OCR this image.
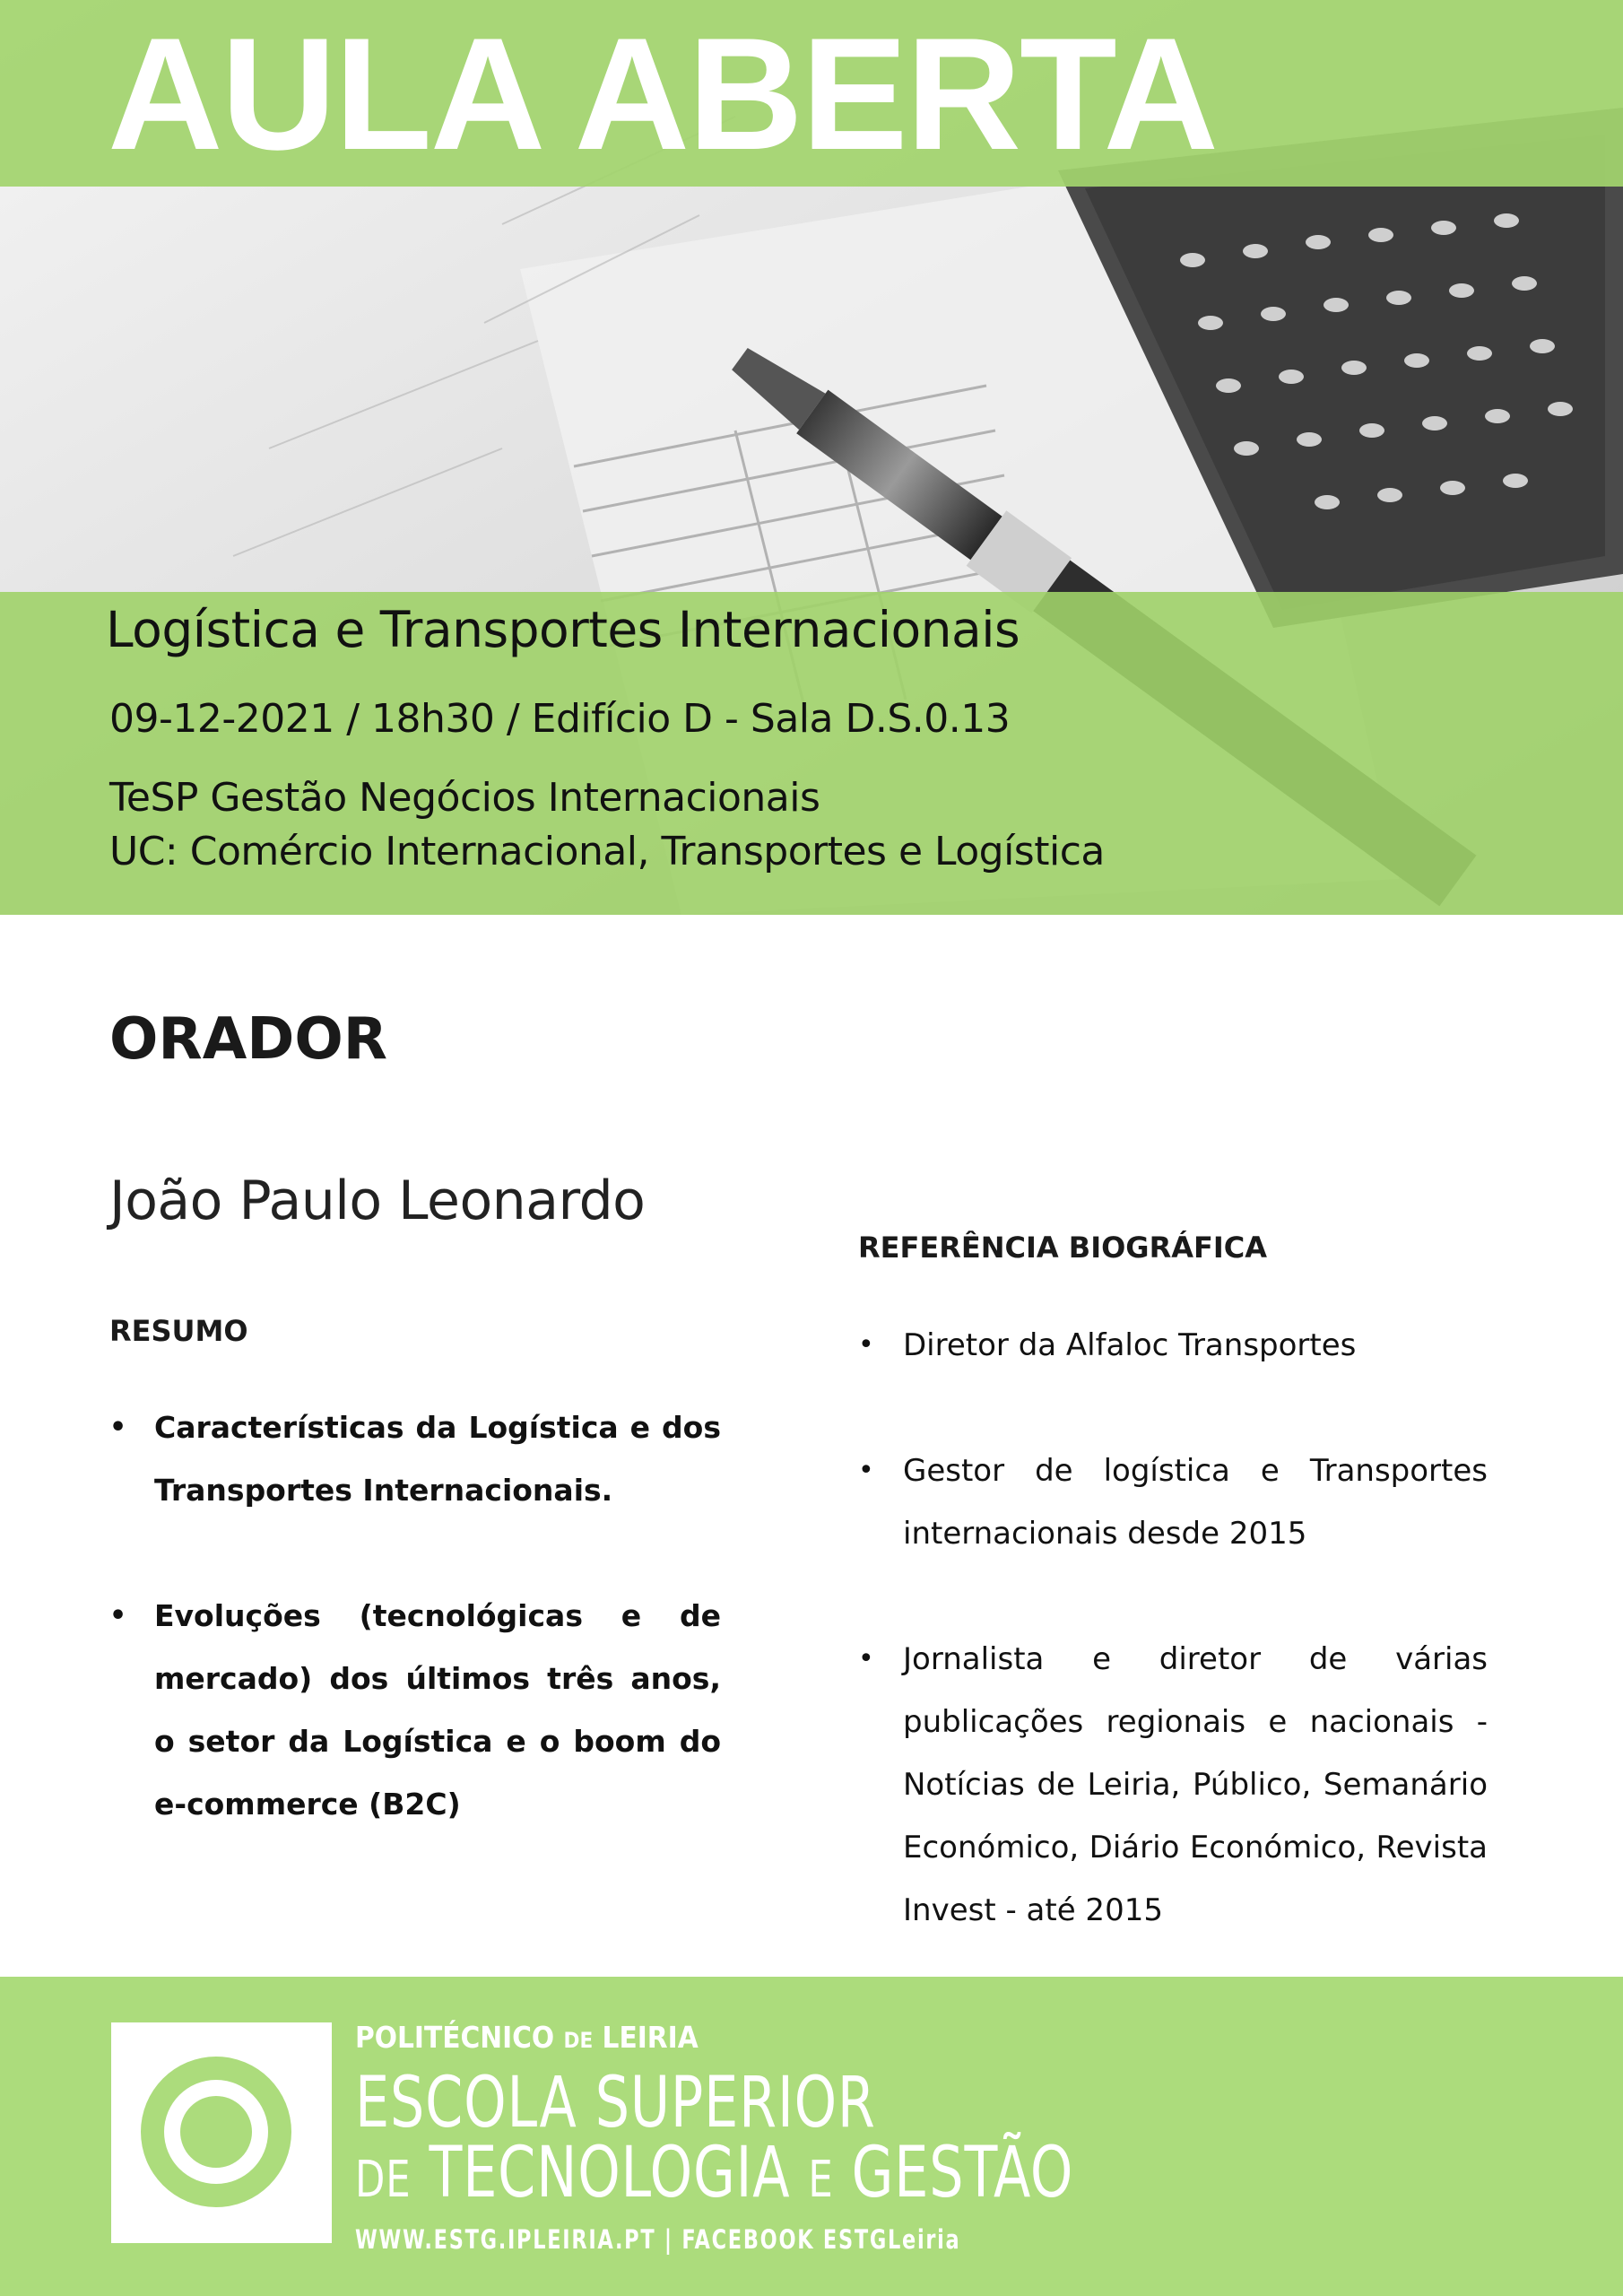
AULA ABERTA
Logística e Transportes Internacionais
09-12-2021 / 18h30 / Edifício D - Sala D.S.0.13
TeSP Gestão Negócios Internacionais
UC: Comércio Internacional, Transportes e Logística
ORADOR
João Paulo Leonardo
RESUMO
• Características da Logística e dos Transportes Internacionais.
• Evoluções (tecnológicas e de mercado) dos últimos três anos, o setor da Logística e o boom do e-commerce (B2C)
REFERÊNCIA BIOGRÁFICA
• Diretor da Alfaloc Transportes
• Gestor de logística e Transportes internacionais desde 2015
• Jornalista e diretor de várias publicações regionais e nacionais - Notícias de Leiria, Público, Semanário Económico, Diário Económico, Revista Invest - até 2015
POLITÉCNICO DE LEIRIA
ESCOLA SUPERIOR
DE TECNOLOGIA E GESTÃO
WWW.ESTG.IPLEIRIA.PT | FACEBOOK ESTGLeiria
